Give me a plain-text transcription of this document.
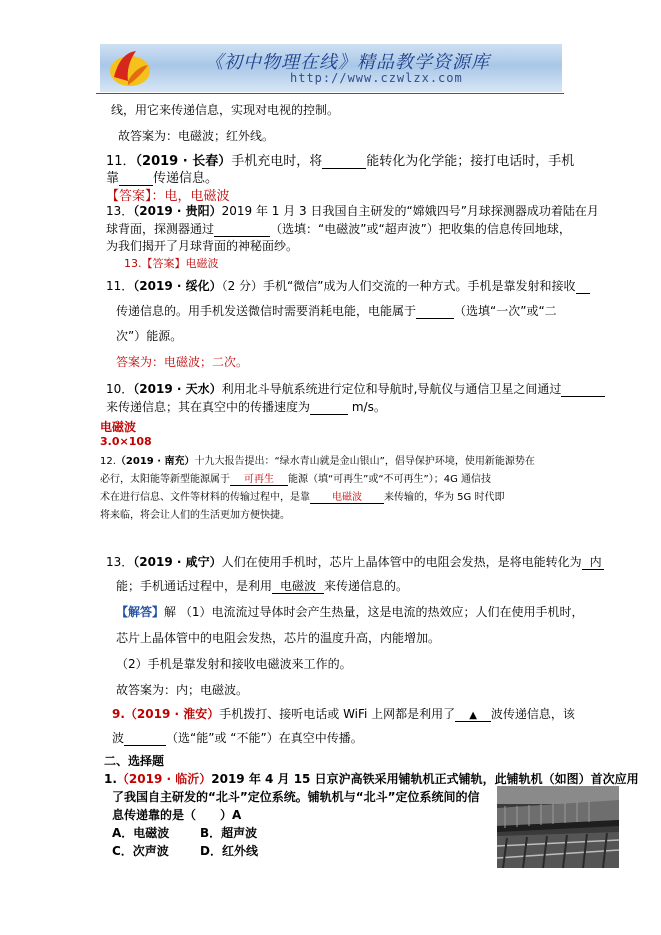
《初中物理在线》精品教学资源库
http://www.czwlzx.com
线，用它来传递信息，实现对电视的控制。
故答案为：电磁波；红外线。
11．（2019 · 长春）手机充电时，将	能转化为化学能；接打电话时，手机
靠	传递信息。
【答案】：电，电磁波
13．（2019 · 贵阳）2019 年 1 月 3 日我国自主研发的“嫦娥四号”月球探测器成功着陆在月
球背面，探测器通过	（选填：“电磁波”或“超声波”）把收集的信息传回地球，
为我们揭开了月球背面的神秘面纱。
13.【答案】电磁波
11．（2019 · 绥化）（2 分）手机“微信”成为人们交流的一种方式。手机是靠发射和接收
传递信息的。用手机发送微信时需要消耗电能，电能属于	（选填“一次”或“二
次”）能源。
答案为：电磁波；二次。
10．（2019 · 天水）利用北斗导航系统进行定位和导航时,导航仪与通信卫星之间通过
来传递信息；其在真空中的传播速度为	m/s。
电磁波
3.0×108
12.（2019 · 南充）十九大报告提出：“绿水青山就是金山银山”，倡导保护环境，使用新能源势在
必行，太阳能等新型能源属于 可再生 能源（填“可再生”或“不可再生”）；4G 通信技
术在进行信息、文件等材料的传输过程中，是靠 电磁波 来传输的，华为 5G 时代即
将来临，将会让人们的生活更加方便快捷。
13．（2019 · 咸宁）人们在使用手机时，芯片上晶体管中的电阻会发热，是将电能转化为 内
能；手机通话过程中，是利用 电磁波 来传递信息的。
【解答】解 （1）电流流过导体时会产生热量，这是电流的热效应；人们在使用手机时，
芯片上晶体管中的电阻会发热，芯片的温度升高，内能增加。
（2）手机是靠发射和接收电磁波来工作的。
故答案为：内；电磁波。
9.（2019 · 淮安）手机拨打、接听电话或 WiFi 上网都是利用了 ▲ 波传递信息，该
波	（选“能”或 “不能”）在真空中传播。
二、选择题
1.（2019 · 临沂）2019 年 4 月 15 日京沪高铁采用铺轨机正式铺轨，此铺轨机（如图）首次应用
了我国自主研发的“北斗”定位系统。铺轨机与“北斗”定位系统间的信
息传递靠的是（　　）A
A．电磁波	B．超声波
C．次声波	D．红外线
